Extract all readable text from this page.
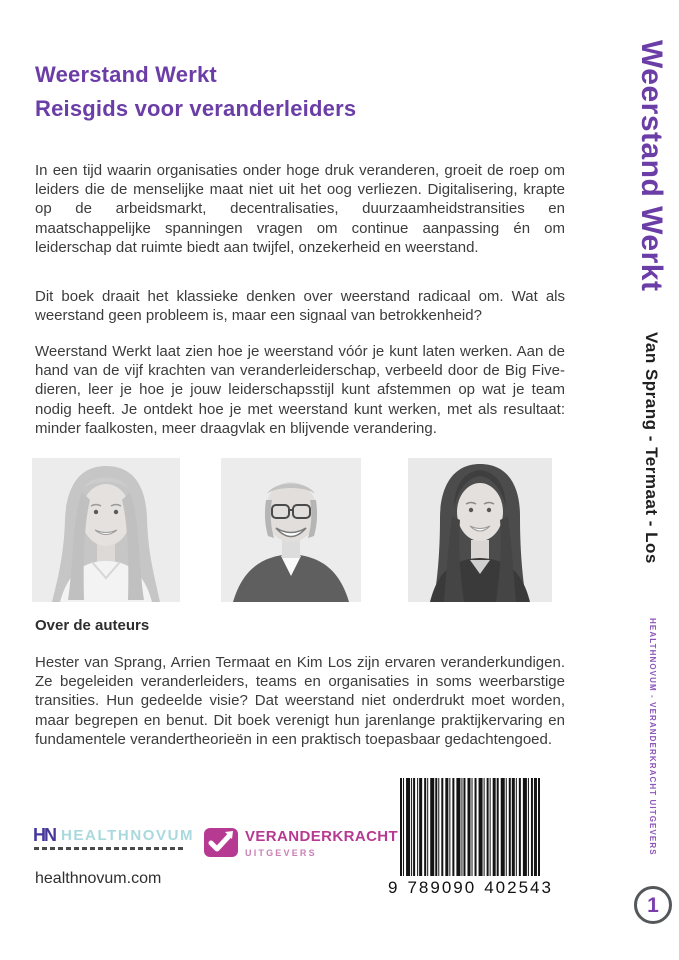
Weerstand Werkt
Reisgids voor veranderleiders

In een tijd waarin organisaties onder hoge druk veranderen, groeit de roep om leiders die de menselijke maat niet uit het oog verliezen. Digitalisering, krapte op de arbeidsmarkt, decentralisaties, duurzaamheidstransities en maatschappelijke spanningen vragen om continue aanpassing én om leiderschap dat ruimte biedt aan twijfel, onzekerheid en weerstand.

Dit boek draait het klassieke denken over weerstand radicaal om. Wat als weerstand geen probleem is, maar een signaal van betrokkenheid?

Weerstand Werkt laat zien hoe je weerstand vóór je kunt laten werken. Aan de hand van de vijf krachten van veranderleiderschap, verbeeld door de Big Five-dieren, leer je hoe je jouw leiderschapsstijl kunt afstemmen op wat je team nodig heeft. Je ontdekt hoe je met weerstand kunt werken, met als resultaat: minder faalkosten, meer draagvlak en blijvende verandering.

Over de auteurs

Hester van Sprang, Arrien Termaat en Kim Los zijn ervaren veranderkundigen. Ze begeleiden veranderleiders, teams en organisaties in soms weerbarstige transities. Hun gedeelde visie? Dat weerstand niet onderdrukt moet worden, maar begrepen en benut. Dit boek verenigt hun jarenlange praktijkervaring en fundamentele verandertheorieën in een praktisch toepasbaar gedachtengoed.

HN HEALTHNOVUM	VERANDERKRACHT
UITGEVERS
healthnovum.com	9 789090 402543
Weerstand Werkt
Van Sprang - Termaat - Los
HEALTHNOVUM - VERANDERKRACHT UITGEVERS
1
